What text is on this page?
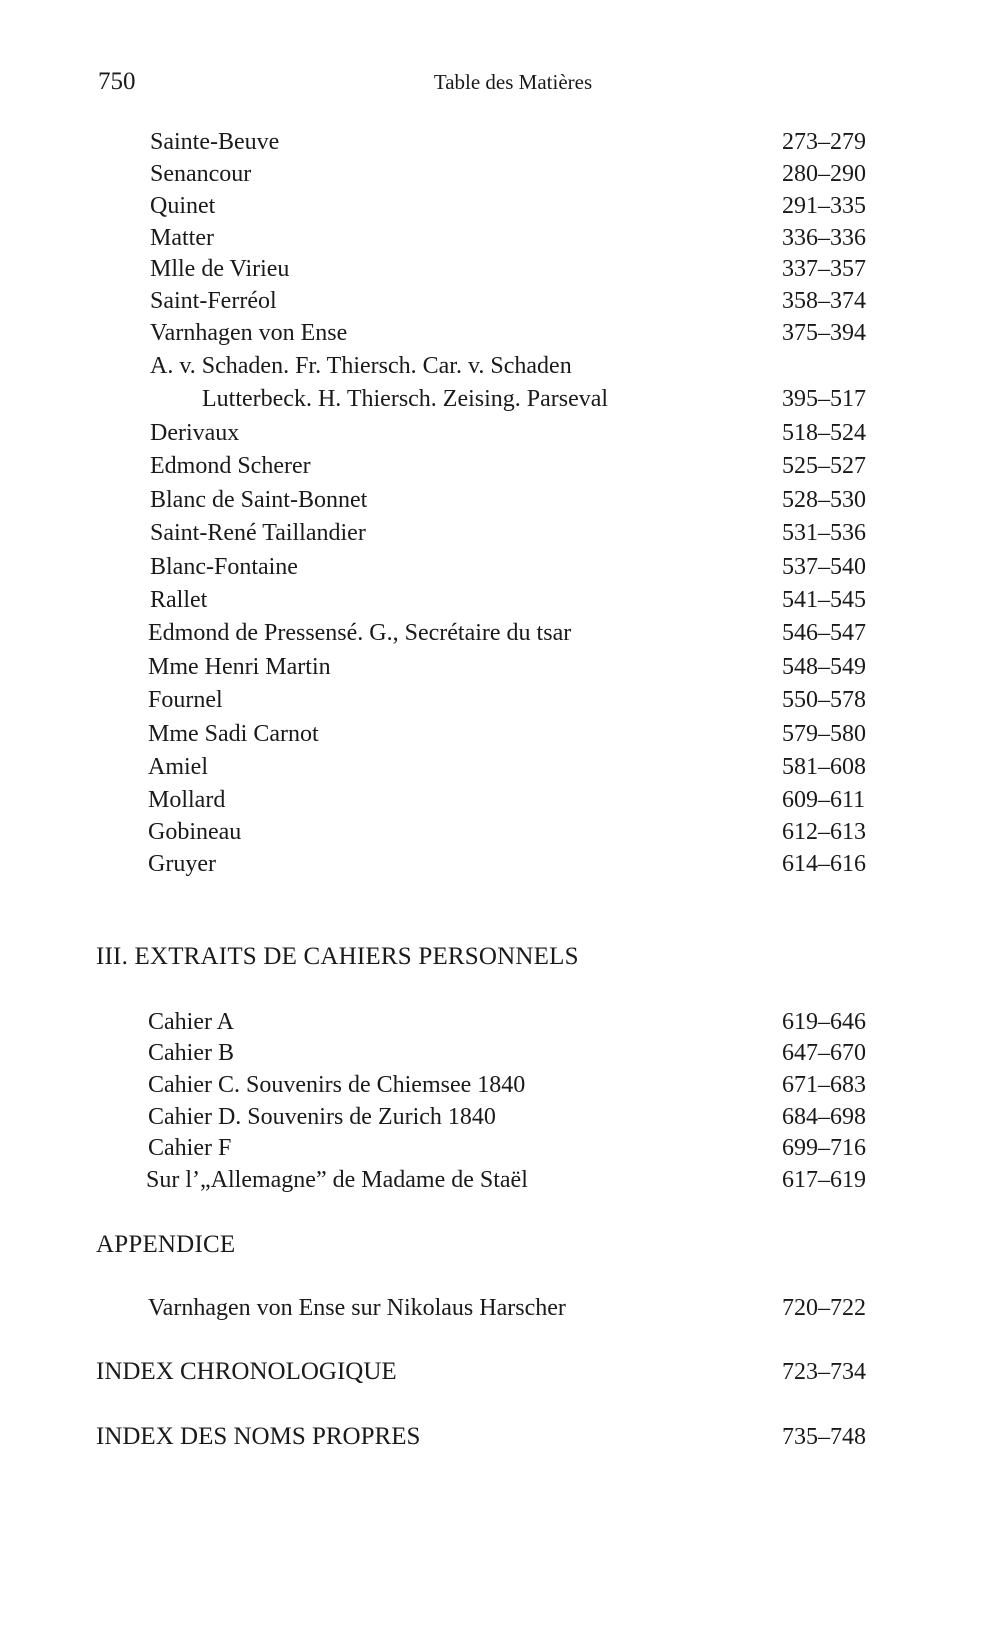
750	Table des Matières
Sainte-Beuve	273–279
Senancour	280–290
Quinet	291–335
Matter	336–336
Mlle de Virieu	337–357
Saint-Ferréol	358–374
Varnhagen von Ense	375–394
A. v. Schaden. Fr. Thiersch. Car. v. Schaden
Lutterbeck. H. Thiersch. Zeising. Parseval	395–517
Derivaux	518–524
Edmond Scherer	525–527
Blanc de Saint-Bonnet	528–530
Saint-René Taillandier	531–536
Blanc-Fontaine	537–540
Rallet	541–545
Edmond de Pressensé. G., Secrétaire du tsar	546–547
Mme Henri Martin	548–549
Fournel	550–578
Mme Sadi Carnot	579–580
Amiel	581–608
Mollard	609–611
Gobineau	612–613
Gruyer	614–616
III. EXTRAITS DE CAHIERS PERSONNELS
Cahier A	619–646
Cahier B	647–670
Cahier C. Souvenirs de Chiemsee 1840	671–683
Cahier D. Souvenirs de Zurich 1840	684–698
Cahier F	699–716
Sur l’„Allemagne” de Madame de Staël	617–619
APPENDICE
Varnhagen von Ense sur Nikolaus Harscher	720–722
INDEX CHRONOLOGIQUE	723–734
INDEX DES NOMS PROPRES	735–748
